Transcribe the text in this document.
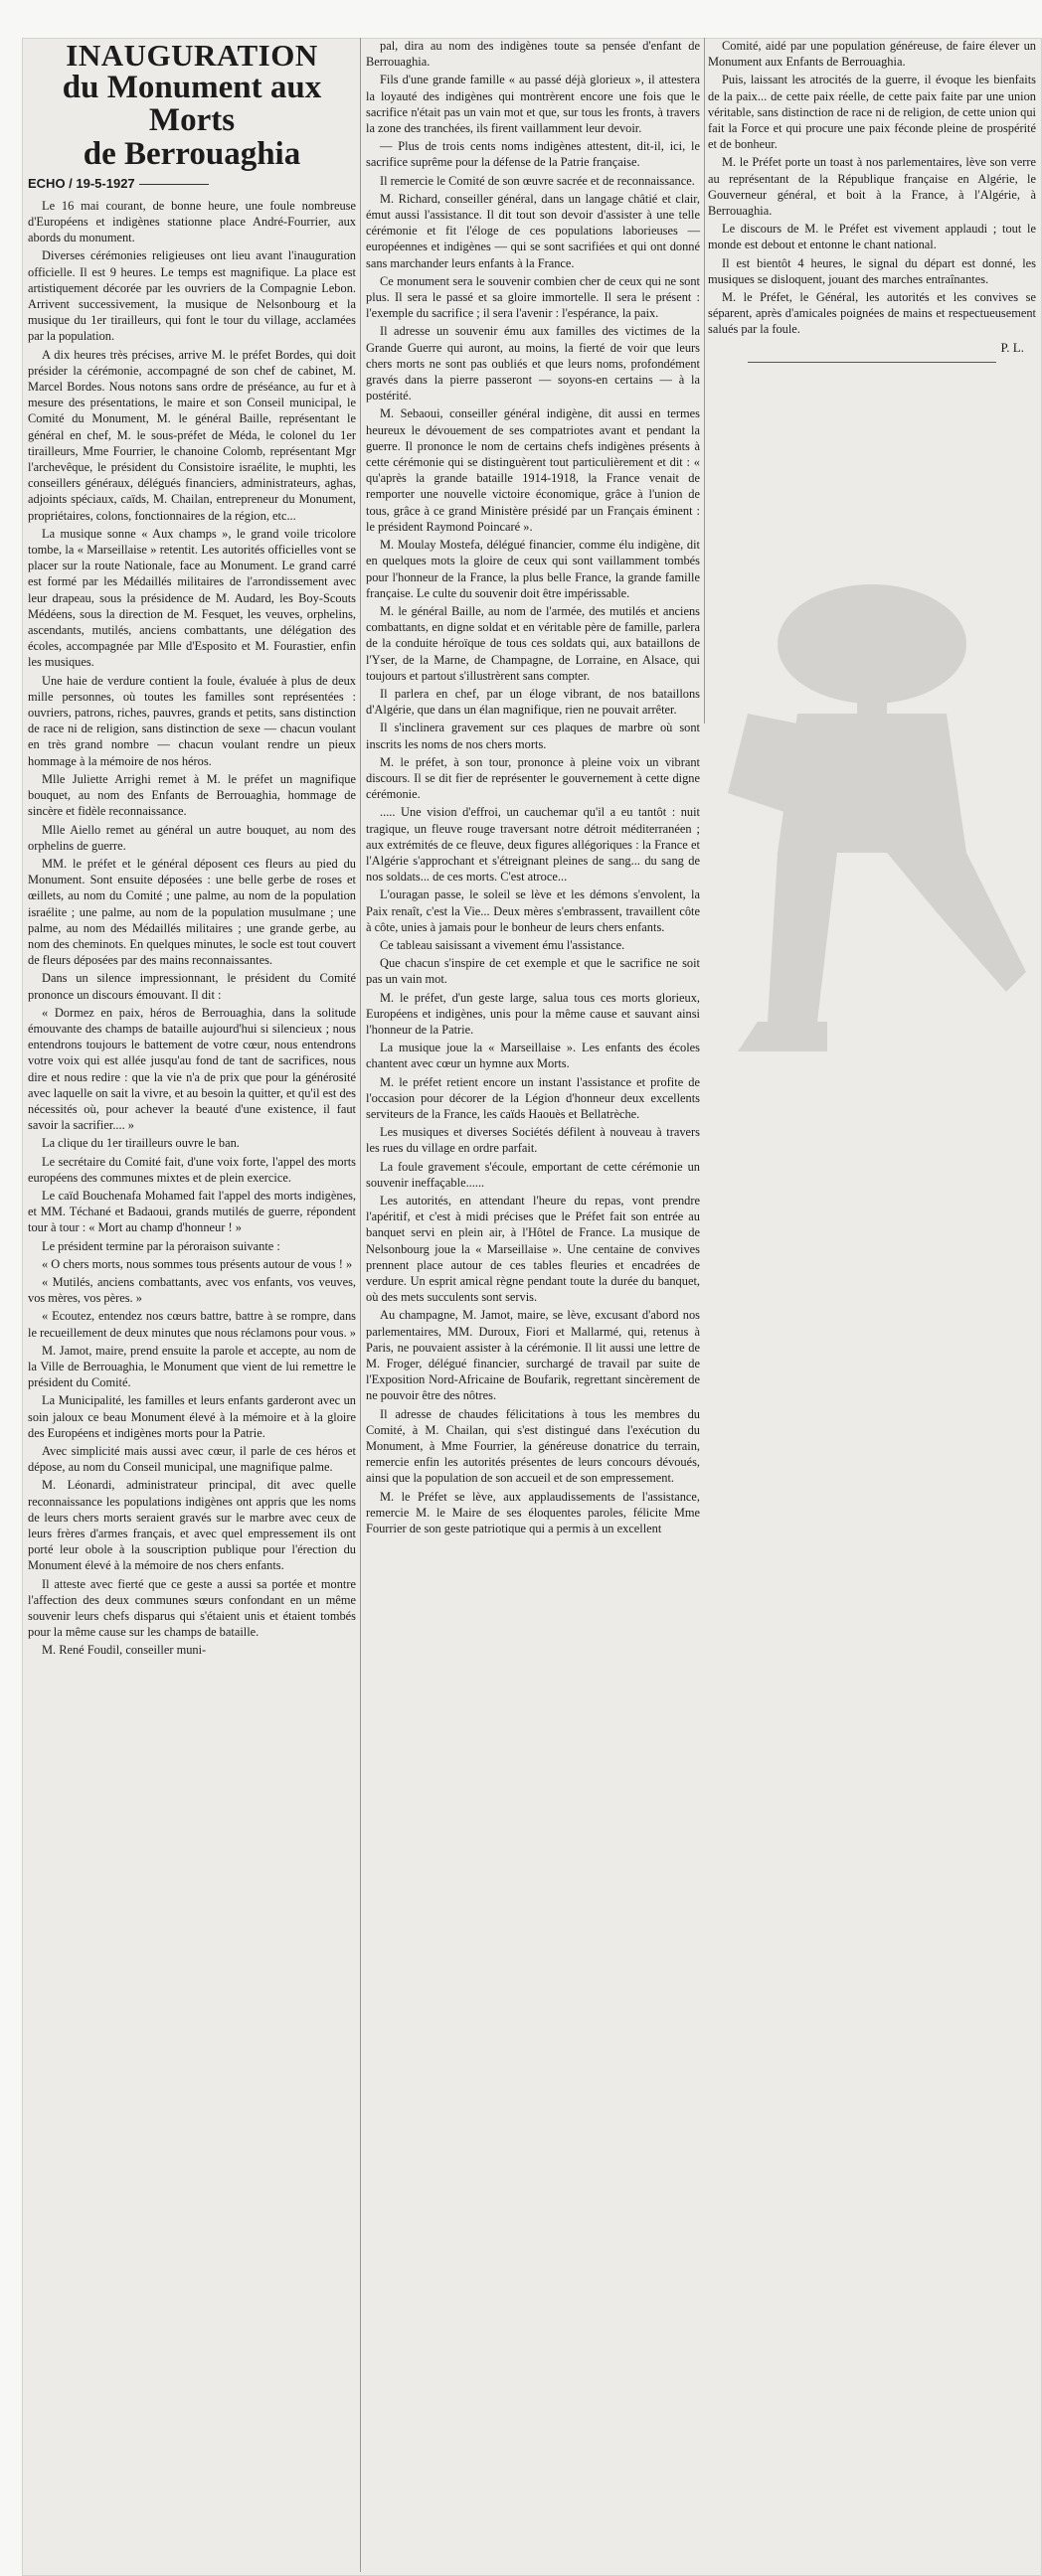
INAUGURATION
du Monument aux Morts
de Berrouaghia
ECHO / 19-5-1927

Le 16 mai courant, de bonne heure, une foule nombreuse d'Européens et indigènes stationne place André-Fourrier, aux abords du monument.

Diverses cérémonies religieuses ont lieu avant l'inauguration officielle. Il est 9 heures. Le temps est magnifique. La place est artistiquement décorée par les ouvriers de la Compagnie Lebon. Arrivent successivement, la musique de Nelsonbourg et la musique du 1er tirailleurs, qui font le tour du village, acclamées par la population.

A dix heures très précises, arrive M. le préfet Bordes, qui doit présider la cérémonie, accompagné de son chef de cabinet, M. Marcel Bordes. Nous notons sans ordre de préséance, au fur et à mesure des présentations, le maire et son Conseil municipal, le Comité du Monument, M. le général Baille, représentant le général en chef, M. le sous-préfet de Méda, le colonel du 1er tirailleurs, Mme Fourrier, le chanoine Colomb, représentant Mgr l'archevêque, le président du Consistoire israélite, le muphti, les conseillers généraux, délégués financiers, administrateurs, aghas, adjoints spéciaux, caïds, M. Chailan, entrepreneur du Monument, propriétaires, colons, fonctionnaires de la région, etc...

La musique sonne « Aux champs », le grand voile tricolore tombe, la « Marseillaise » retentit. Les autorités officielles vont se placer sur la route Nationale, face au Monument. Le grand carré est formé par les Médaillés militaires de l'arrondissement avec leur drapeau, sous la présidence de M. Audard, les Boy-Scouts Médéens, sous la direction de M. Fesquet, les veuves, orphelins, ascendants, mutilés, anciens combattants, une délégation des écoles, accompagnée par Mlle d'Esposito et M. Fourastier, enfin les musiques.

Une haie de verdure contient la foule, évaluée à plus de deux mille personnes, où toutes les familles sont représentées : ouvriers, patrons, riches, pauvres, grands et petits, sans distinction de race ni de religion, sans distinction de sexe — chacun voulant en très grand nombre — chacun voulant rendre un pieux hommage à la mémoire de nos héros.

Mlle Juliette Arrighi remet à M. le préfet un magnifique bouquet, au nom des Enfants de Berrouaghia, hommage de sincère et fidèle reconnaissance.

Mlle Aiello remet au général un autre bouquet, au nom des orphelins de guerre.

MM. le préfet et le général déposent ces fleurs au pied du Monument. Sont ensuite déposées : une belle gerbe de roses et œillets, au nom du Comité ; une palme, au nom de la population israélite ; une palme, au nom de la population musulmane ; une palme, au nom des Médaillés militaires ; une grande gerbe, au nom des cheminots. En quelques minutes, le socle est tout couvert de fleurs déposées par des mains reconnaissantes.

Dans un silence impressionnant, le président du Comité prononce un discours émouvant. Il dit :

« Dormez en paix, héros de Berrouaghia, dans la solitude émouvante des champs de bataille aujourd'hui si silencieux ; nous entendrons toujours le battement de votre cœur, nous entendrons votre voix qui est allée jusqu'au fond de tant de sacrifices, nous dire et nous redire : que la vie n'a de prix que pour la générosité avec laquelle on sait la vivre, et au besoin la quitter, et qu'il est des nécessités où, pour achever la beauté d'une existence, il faut savoir la sacrifier.... »

La clique du 1er tirailleurs ouvre le ban.

Le secrétaire du Comité fait, d'une voix forte, l'appel des morts européens des communes mixtes et de plein exercice.

Le caïd Bouchenafa Mohamed fait l'appel des morts indigènes, et MM. Téchané et Badaoui, grands mutilés de guerre, répondent tour à tour : « Mort au champ d'honneur ! »

Le président termine par la péroraison suivante :

« O chers morts, nous sommes tous présents autour de vous ! »

« Mutilés, anciens combattants, avec vos enfants, vos veuves, vos mères, vos pères. »

« Ecoutez, entendez nos cœurs battre, battre à se rompre, dans le recueillement de deux minutes que nous réclamons pour vous. »

M. Jamot, maire, prend ensuite la parole et accepte, au nom de la Ville de Berrouaghia, le Monument que vient de lui remettre le président du Comité.

La Municipalité, les familles et leurs enfants garderont avec un soin jaloux ce beau Monument élevé à la mémoire et à la gloire des Européens et indigènes morts pour la Patrie.

Avec simplicité mais aussi avec cœur, il parle de ces héros et dépose, au nom du Conseil municipal, une magnifique palme.

M. Léonardi, administrateur principal, dit avec quelle reconnaissance les populations indigènes ont appris que les noms de leurs chers morts seraient gravés sur le marbre avec ceux de leurs frères d'armes français, et avec quel empressement ils ont porté leur obole à la souscription publique pour l'érection du Monument élevé à la mémoire de nos chers enfants.

Il atteste avec fierté que ce geste a aussi sa portée et montre l'affection des deux communes sœurs confondant en un même souvenir leurs chefs disparus qui s'étaient unis et étaient tombés pour la même cause sur les champs de bataille.

M. René Foudil, conseiller muni-

pal, dira au nom des indigènes toute sa pensée d'enfant de Berrouaghia.

Fils d'une grande famille « au passé déjà glorieux », il attestera la loyauté des indigènes qui montrèrent encore une fois que le sacrifice n'était pas un vain mot et que, sur tous les fronts, à travers la zone des tranchées, ils firent vaillamment leur devoir.

— Plus de trois cents noms indigènes attestent, dit-il, ici, le sacrifice suprême pour la défense de la Patrie française.

Il remercie le Comité de son œuvre sacrée et de reconnaissance.

M. Richard, conseiller général, dans un langage châtié et clair, émut aussi l'assistance. Il dit tout son devoir d'assister à une telle cérémonie et fit l'éloge de ces populations laborieuses — européennes et indigènes — qui se sont sacrifiées et qui ont donné sans marchander leurs enfants à la France.

Ce monument sera le souvenir combien cher de ceux qui ne sont plus. Il sera le passé et sa gloire immortelle. Il sera le présent : l'exemple du sacrifice ; il sera l'avenir : l'espérance, la paix.

Il adresse un souvenir ému aux familles des victimes de la Grande Guerre qui auront, au moins, la fierté de voir que leurs chers morts ne sont pas oubliés et que leurs noms, profondément gravés dans la pierre passeront — soyons-en certains — à la postérité.

M. Sebaoui, conseiller général indigène, dit aussi en termes heureux le dévouement de ses compatriotes avant et pendant la guerre. Il prononce le nom de certains chefs indigènes présents à cette cérémonie qui se distinguèrent tout particulièrement et dit : « qu'après la grande bataille 1914-1918, la France venait de remporter une nouvelle victoire économique, grâce à l'union de tous, grâce à ce grand Ministère présidé par un Français éminent : le président Raymond Poincaré ».

M. Moulay Mostefa, délégué financier, comme élu indigène, dit en quelques mots la gloire de ceux qui sont vaillamment tombés pour l'honneur de la France, la plus belle France, la grande famille française. Le culte du souvenir doit être impérissable.

M. le général Baille, au nom de l'armée, des mutilés et anciens combattants, en digne soldat et en véritable père de famille, parlera de la conduite héroïque de tous ces soldats qui, aux bataillons de l'Yser, de la Marne, de Champagne, de Lorraine, en Alsace, qui toujours et partout s'illustrèrent sans compter.

Il parlera en chef, par un éloge vibrant, de nos bataillons d'Algérie, que dans un élan magnifique, rien ne pouvait arrêter.

Il s'inclinera gravement sur ces plaques de marbre où sont inscrits les noms de nos chers morts.

M. le préfet, à son tour, prononce à pleine voix un vibrant discours. Il se dit fier de représenter le gouvernement à cette digne cérémonie.

..... Une vision d'effroi, un cauchemar qu'il a eu tantôt : nuit tragique, un fleuve rouge traversant notre détroit méditerranéen ; aux extrémités de ce fleuve, deux figures allégoriques : la France et l'Algérie s'approchant et s'étreignant pleines de sang... du sang de nos soldats... de ces morts. C'est atroce...

L'ouragan passe, le soleil se lève et les démons s'envolent, la Paix renaît, c'est la Vie... Deux mères s'embrassent, travaillent côte à côte, unies à jamais pour le bonheur de leurs chers enfants.

Ce tableau saisissant a vivement ému l'assistance.

Que chacun s'inspire de cet exemple et que le sacrifice ne soit pas un vain mot.

M. le préfet, d'un geste large, salua tous ces morts glorieux, Européens et indigènes, unis pour la même cause et sauvant ainsi l'honneur de la Patrie.

La musique joue la « Marseillaise ». Les enfants des écoles chantent avec cœur un hymne aux Morts.

M. le préfet retient encore un instant l'assistance et profite de l'occasion pour décorer de la Légion d'honneur deux excellents serviteurs de la France, les caïds Haouès et Bellatrèche.

Les musiques et diverses Sociétés défilent à nouveau à travers les rues du village en ordre parfait.

La foule gravement s'écoule, emportant de cette cérémonie un souvenir ineffaçable......

Les autorités, en attendant l'heure du repas, vont prendre l'apéritif, et c'est à midi précises que le Préfet fait son entrée au banquet servi en plein air, à l'Hôtel de France. La musique de Nelsonbourg joue la « Marseillaise ». Une centaine de convives prennent place autour de ces tables fleuries et encadrées de verdure. Un esprit amical règne pendant toute la durée du banquet, où des mets succulents sont servis.

Au champagne, M. Jamot, maire, se lève, excusant d'abord nos parlementaires, MM. Duroux, Fiori et Mallarmé, qui, retenus à Paris, ne pouvaient assister à la cérémonie. Il lit aussi une lettre de M. Froger, délégué financier, surchargé de travail par suite de l'Exposition Nord-Africaine de Boufarik, regrettant sincèrement de ne pouvoir être des nôtres.

Il adresse de chaudes félicitations à tous les membres du Comité, à M. Chailan, qui s'est distingué dans l'exécution du Monument, à Mme Fourrier, la généreuse donatrice du terrain, remercie enfin les autorités présentes de leurs concours dévoués, ainsi que la population de son accueil et de son empressement.

M. le Préfet se lève, aux applaudissements de l'assistance, remercie M. le Maire de ses éloquentes paroles, félicite Mme Fourrier de son geste patriotique qui a permis à un excellent

Comité, aidé par une population généreuse, de faire élever un Monument aux Enfants de Berrouaghia.

Puis, laissant les atrocités de la guerre, il évoque les bienfaits de la paix... de cette paix réelle, de cette paix faite par une union véritable, sans distinction de race ni de religion, de cette union qui fait la Force et qui procure une paix féconde pleine de prospérité et de bonheur.

M. le Préfet porte un toast à nos parlementaires, lève son verre au représentant de la République française en Algérie, le Gouverneur général, et boit à la France, à l'Algérie, à Berrouaghia.

Le discours de M. le Préfet est vivement applaudi ; tout le monde est debout et entonne le chant national.

Il est bientôt 4 heures, le signal du départ est donné, les musiques se disloquent, jouant des marches entraînantes.

M. le Préfet, le Général, les autorités et les convives se séparent, après d'amicales poignées de mains et respectueusement salués par la foule.

P. L.
